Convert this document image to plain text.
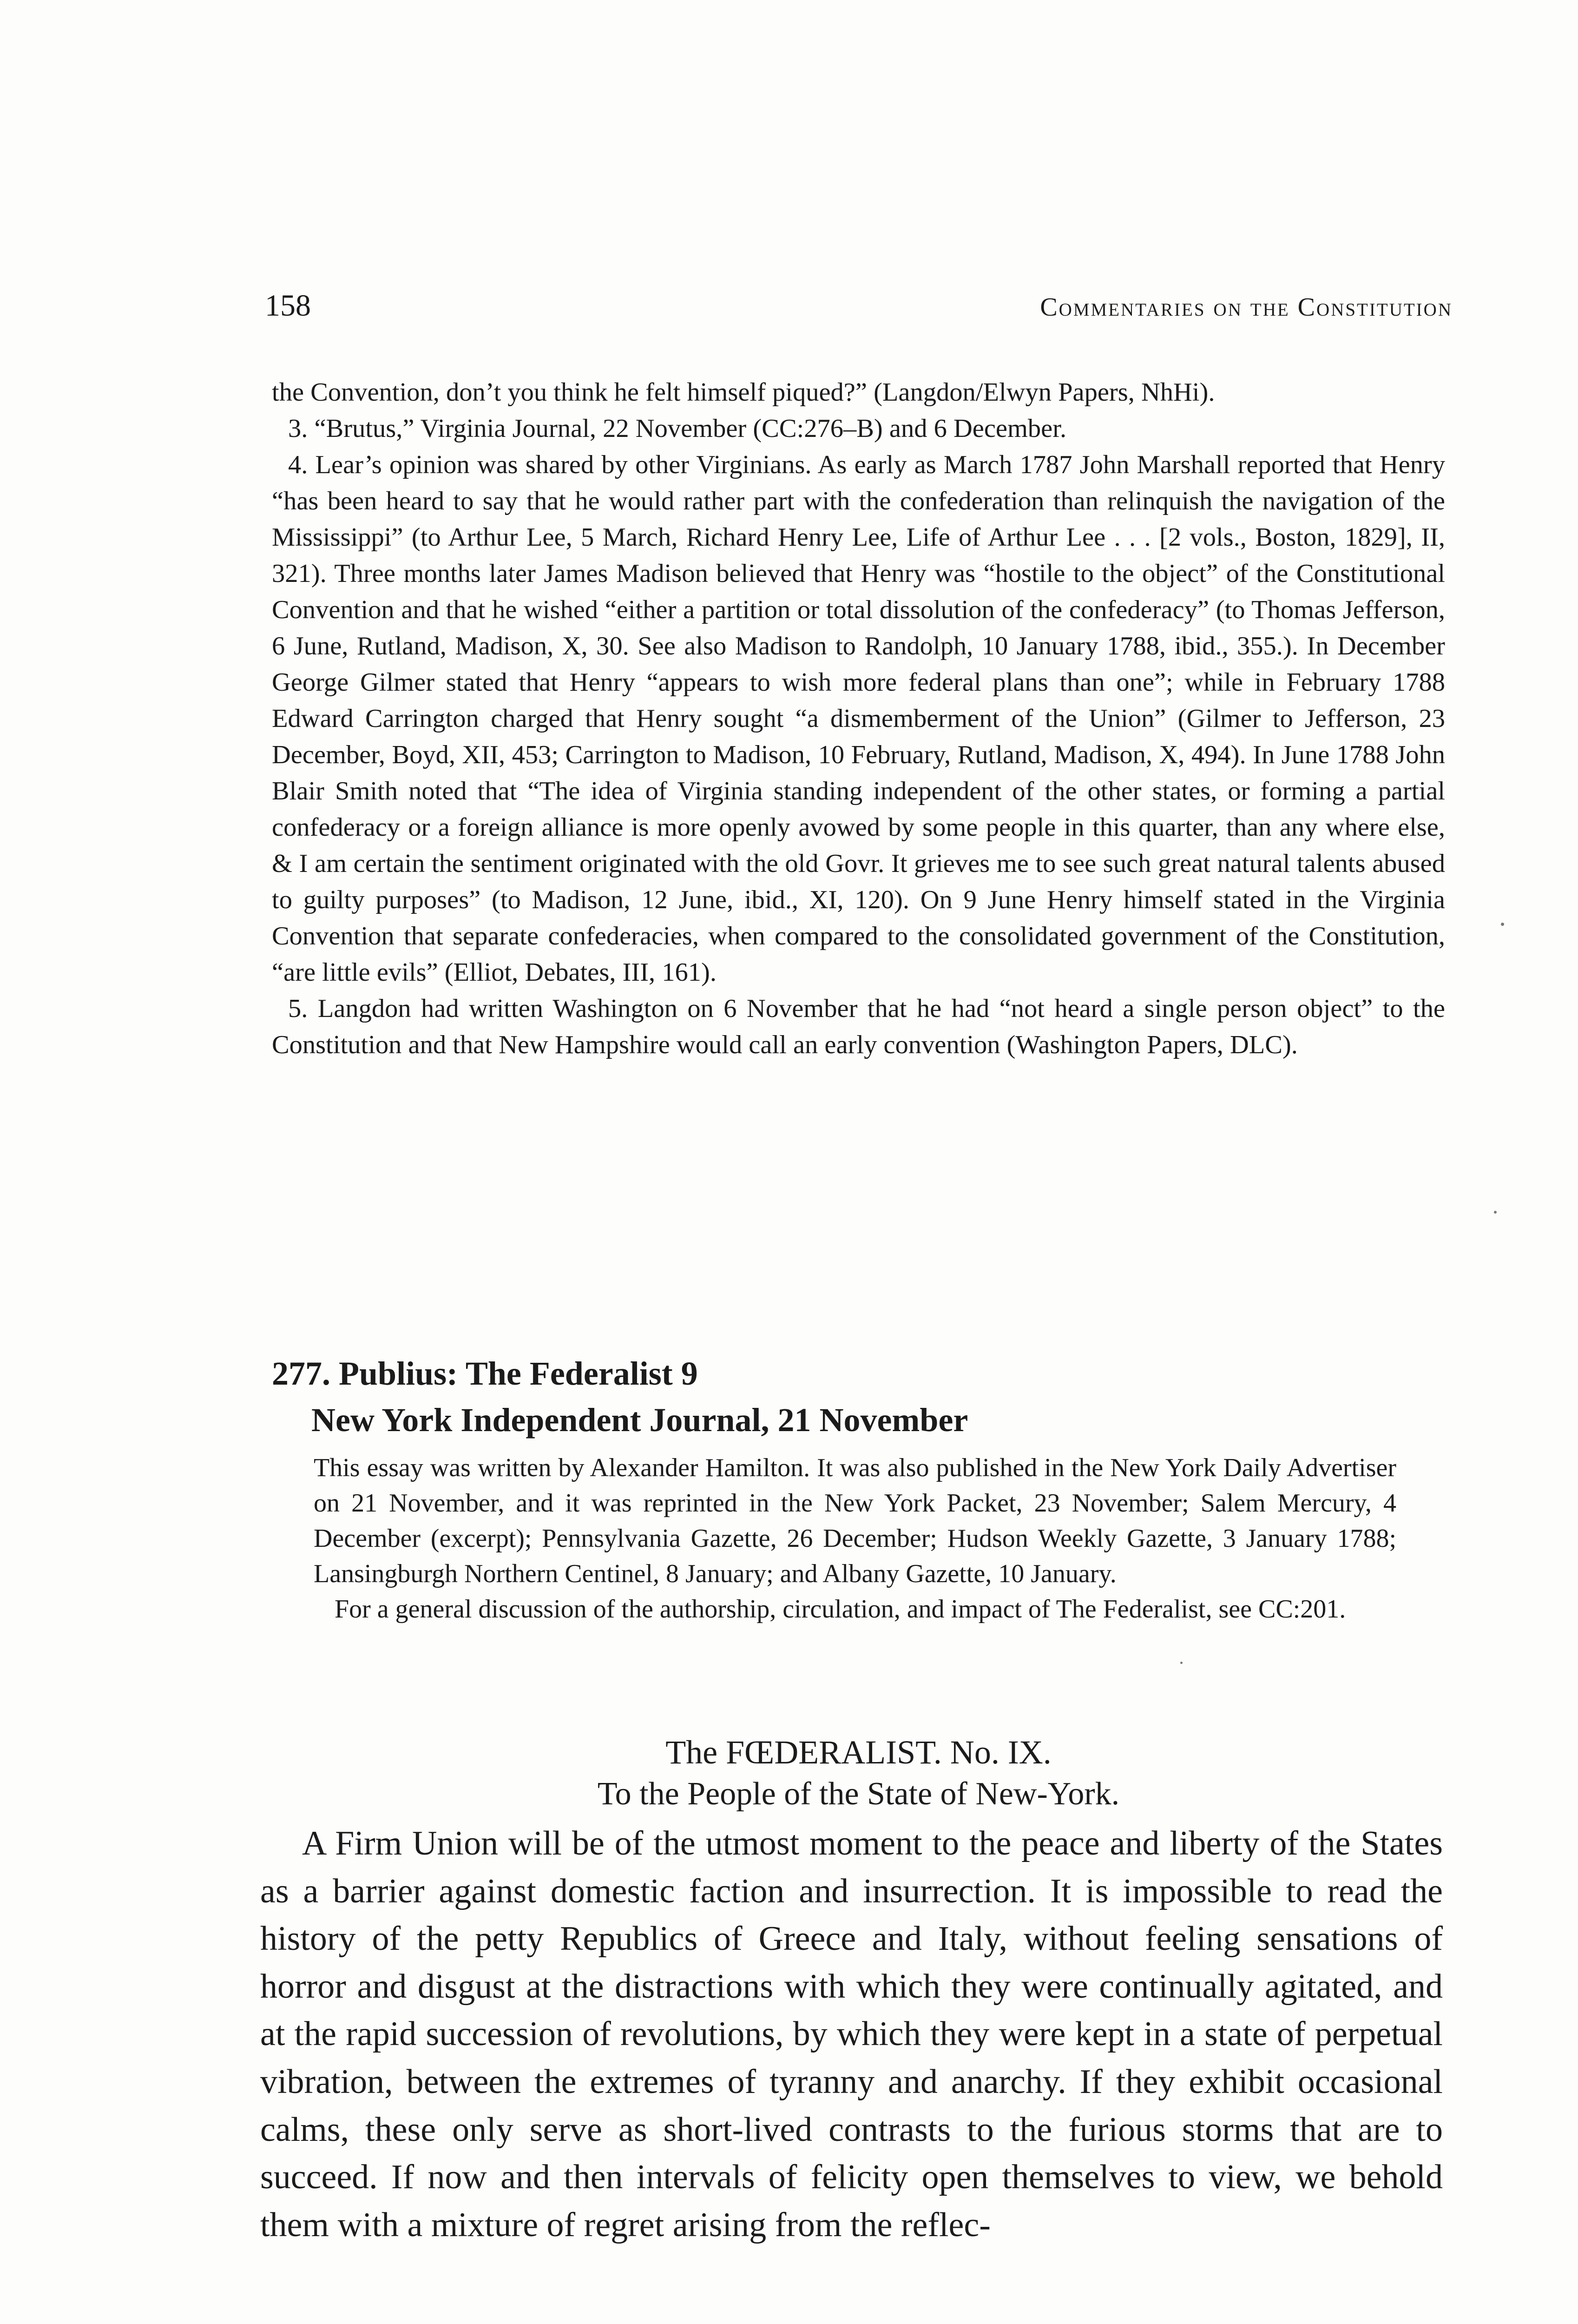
158	Commentaries on the Constitution

the Convention, don’t you think he felt himself piqued?” (Langdon/Elwyn Papers, NhHi).

3. “Brutus,” Virginia Journal, 22 November (CC:276–B) and 6 December.

4. Lear’s opinion was shared by other Virginians. As early as March 1787 John Marshall reported that Henry “has been heard to say that he would rather part with the confederation than relinquish the navigation of the Mississippi” (to Arthur Lee, 5 March, Richard Henry Lee, Life of Arthur Lee . . . [2 vols., Boston, 1829], II, 321). Three months later James Madison believed that Henry was “hostile to the object” of the Constitutional Convention and that he wished “either a partition or total dissolution of the confederacy” (to Thomas Jefferson, 6 June, Rutland, Madison, X, 30. See also Madison to Randolph, 10 January 1788, ibid., 355.). In December George Gilmer stated that Henry “appears to wish more federal plans than one”; while in February 1788 Edward Carrington charged that Henry sought “a dismemberment of the Union” (Gilmer to Jefferson, 23 December, Boyd, XII, 453; Carrington to Madison, 10 February, Rutland, Madison, X, 494). In June 1788 John Blair Smith noted that “The idea of Virginia standing independent of the other states, or forming a partial confederacy or a foreign alliance is more openly avowed by some people in this quarter, than any where else, & I am certain the sentiment originated with the old Govr. It grieves me to see such great natural talents abused to guilty purposes” (to Madison, 12 June, ibid., XI, 120). On 9 June Henry himself stated in the Virginia Convention that separate confederacies, when compared to the consolidated government of the Constitution, “are little evils” (Elliot, Debates, III, 161).

5. Langdon had written Washington on 6 November that he had “not heard a single person object” to the Constitution and that New Hampshire would call an early convention (Washington Papers, DLC).

277. Publius: The Federalist 9
New York Independent Journal, 21 November

This essay was written by Alexander Hamilton. It was also published in the New York Daily Advertiser on 21 November, and it was reprinted in the New York Packet, 23 November; Salem Mercury, 4 December (excerpt); Pennsylvania Gazette, 26 December; Hudson Weekly Gazette, 3 January 1788; Lansingburgh Northern Centinel, 8 January; and Albany Gazette, 10 January.

For a general discussion of the authorship, circulation, and impact of The Federalist, see CC:201.

The FŒDERALIST. No. IX.
To the People of the State of New-York.

A Firm Union will be of the utmost moment to the peace and liberty of the States as a barrier against domestic faction and insurrection. It is impossible to read the history of the petty Republics of Greece and Italy, without feeling sensations of horror and disgust at the distractions with which they were continually agitated, and at the rapid succession of revolutions, by which they were kept in a state of perpetual vibration, between the extremes of tyranny and anarchy. If they exhibit occasional calms, these only serve as short-lived contrasts to the furious storms that are to succeed. If now and then intervals of felicity open themselves to view, we behold them with a mixture of regret arising from the reflec-
